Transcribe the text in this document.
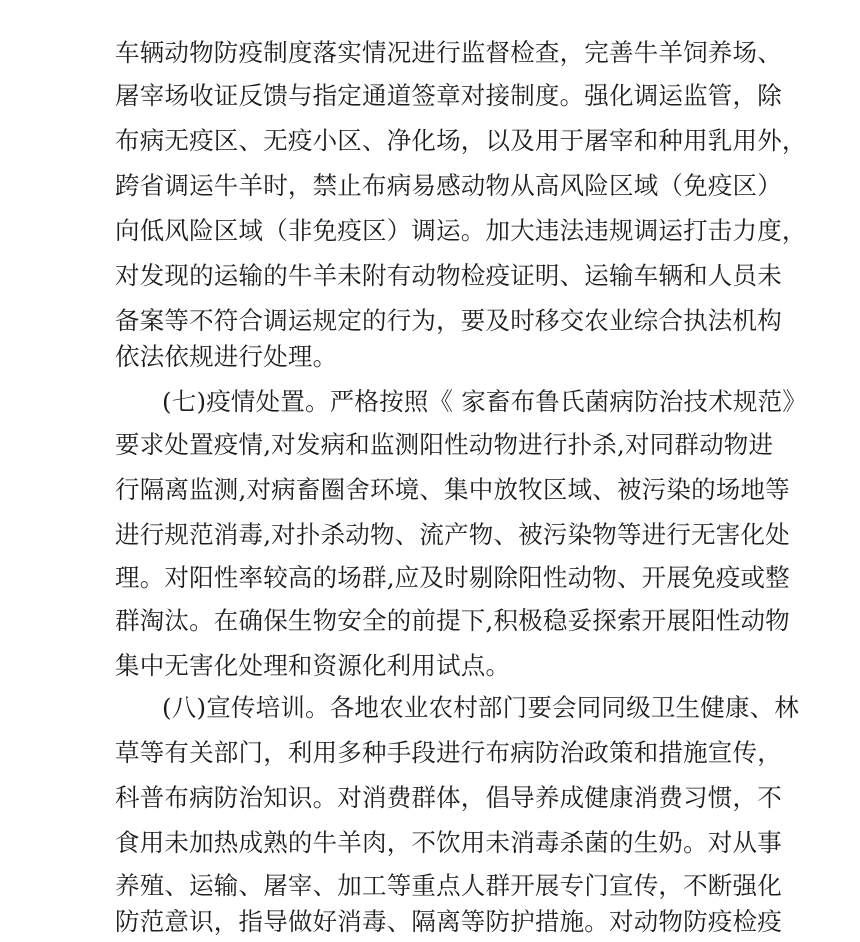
车辆动物防疫制度落实情况进行监督检查，完善牛羊饲养场、
屠宰场收证反馈与指定通道签章对接制度。强化调运监管，除
布病无疫区、无疫小区、净化场，以及用于屠宰和种用乳用外，
跨省调运牛羊时，禁止布病易感动物从高风险区域（免疫区）
向低风险区域（非免疫区）调运。加大违法违规调运打击力度，
对发现的运输的牛羊未附有动物检疫证明、运输车辆和人员未
备案等不符合调运规定的行为，要及时移交农业综合执法机构
依法依规进行处理。
(七)疫情处置。严格按照《 家畜布鲁氏菌病防治技术规范》
要求处置疫情,对发病和监测阳性动物进行扑杀,对同群动物进
行隔离监测,对病畜圈舍环境、集中放牧区域、被污染的场地等
进行规范消毒,对扑杀动物、流产物、被污染物等进行无害化处
理。对阳性率较高的场群,应及时剔除阳性动物、开展免疫或整
群淘汰。在确保生物安全的前提下,积极稳妥探索开展阳性动物
集中无害化处理和资源化利用试点。
(八)宣传培训。各地农业农村部门要会同同级卫生健康、林
草等有关部门，利用多种手段进行布病防治政策和措施宣传，
科普布病防治知识。对消费群体，倡导养成健康消费习惯，不
食用未加热成熟的牛羊肉，不饮用未消毒杀菌的生奶。对从事
养殖、运输、屠宰、加工等重点人群开展专门宣传，不断强化
防范意识，指导做好消毒、隔离等防护措施。对动物防疫检疫
